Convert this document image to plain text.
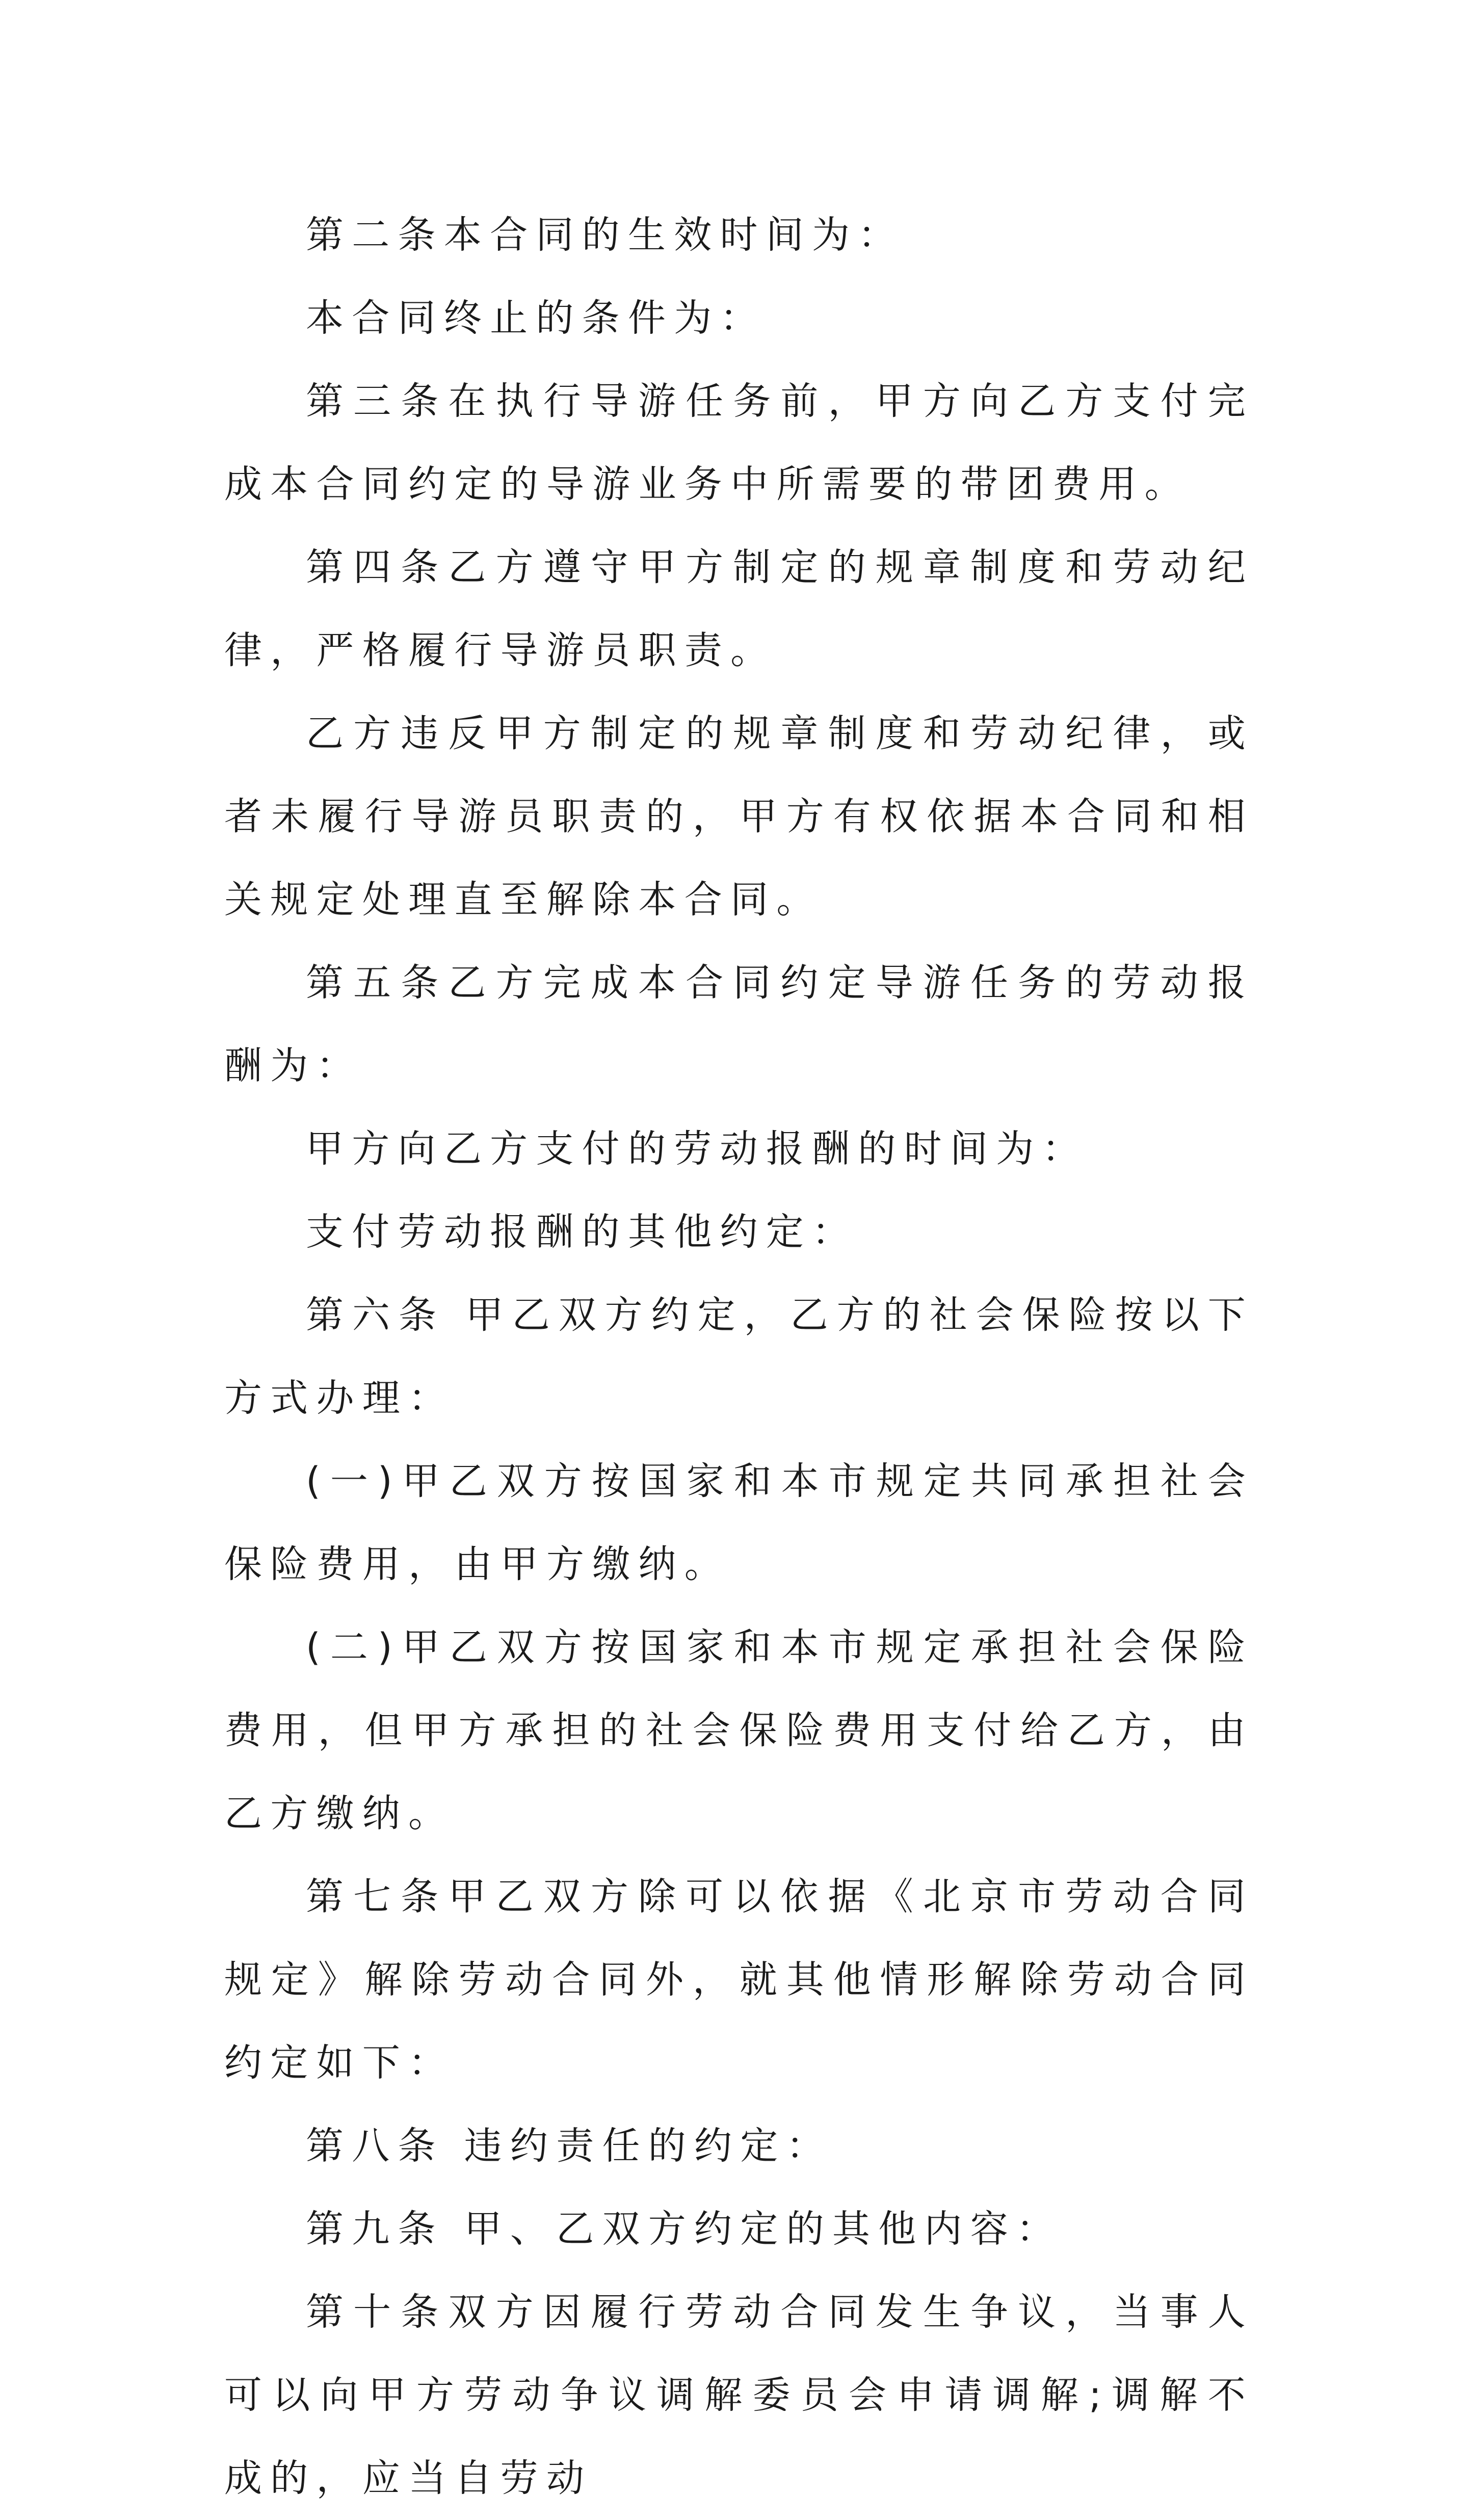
第二条本合同的生效时间为：

本合同终止的条件为：

第三条在执行导游任务前，甲方向乙方支付完成本合同约定的导游业务中所需要的带团费用。

第四条乙方遵守甲方制定的规章制度和劳动纪律，严格履行导游员职责。

乙方违反甲方制定的规章制度和劳动纪律，或者未履行导游员职责的，甲方有权依据本合同和相关规定处理直至解除本合同。

第五条乙方完成本合同约定导游任务的劳动报酬为：

甲方向乙方支付的劳动报酬的时间为：

支付劳动报酬的其他约定：

第六条 甲乙双方约定，乙方的社会保险按以下方式办理：

(一)甲乙双方按国家和本市规定共同承担社会保险费用，由甲方缴纳。

(二)甲乙双方按国家和本市规定承担社会保险费用，但甲方承担的社会保险费用支付给乙方，由乙方缴纳。

第七条甲乙双方除可以依据《北京市劳动合同规定》解除劳动合同外，就其他情形解除劳动合同约定如下：

第八条 违约责任的约定：

第九条 甲、乙双方约定的其他内容：

第十条双方因履行劳动合同发生争议，当事人可以向甲方劳动争议调解委员会申请调解;调解不成的，应当自劳动
